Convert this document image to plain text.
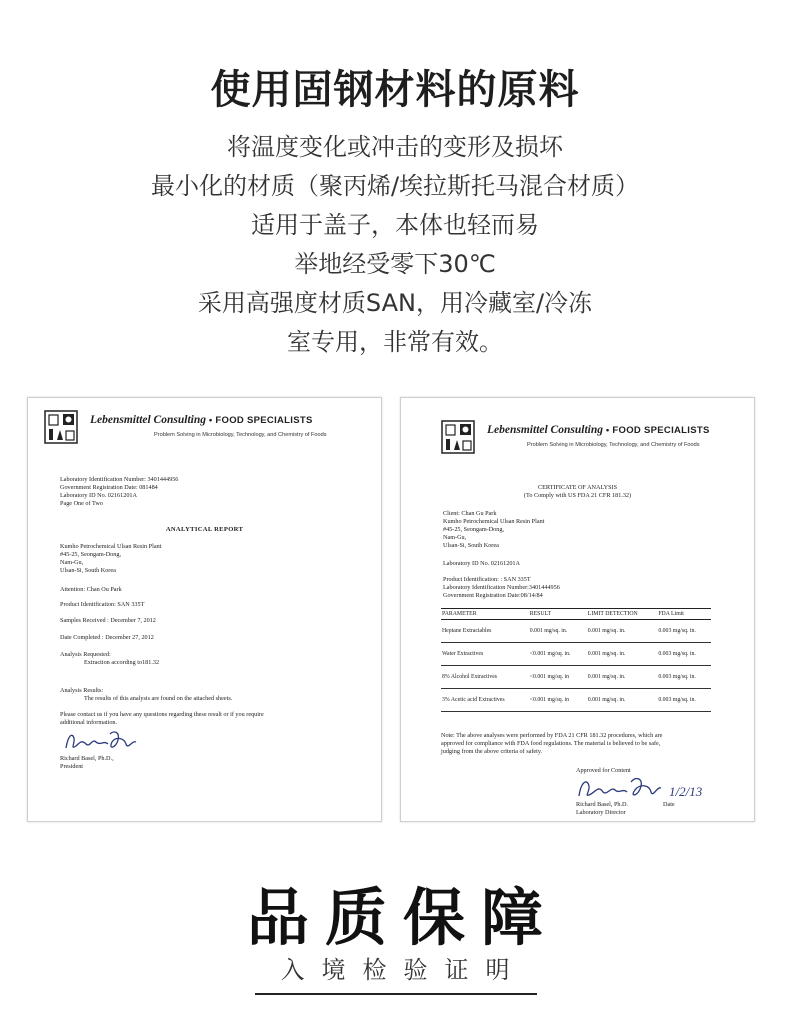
使用固钢材料的原料
将温度变化或冲击的变形及损坏
最小化的材质（聚丙烯/埃拉斯托马混合材质）
适用于盖子，本体也轻而易
举地经受零下30℃
采用高强度材质SAN，用冷藏室/冷冻
室专用，非常有效。
Lebensmittel Consulting • FOOD SPECIALISTS
Problem Solving in Microbiology, Technology, and Chemistry of Foods
Laboratory Identification Number: 3401444956
Government Registration Date: 081484
Laboratory ID No. 02161201A
Page One of Two
ANALYTICAL REPORT
Kumho Petrochemical Ulsan Resin Plant
#45-25, Seongam-Dong,
Nam-Gu,
Ulsan-Si, South Korea
Attention: Chan Ou Park
Product Identification: SAN 335T
Samples Received : December 7, 2012
Date Completed : December 27, 2012
Analysis Requested:
Extraction according to181.32
Analysis Results:
The results of this analysis are found on the attached sheets.
Please contact us if you have any questions regarding these result or if you require
additional information.
Richard Basel, Ph.D.,
President
Lebensmittel Consulting • FOOD SPECIALISTS
Problem Solving in Microbiology, Technology, and Chemistry of Foods
CERTIFICATE OF ANALYSIS
(To Comply with US FDA 21 CFR 181.32)
Client: Chan Gu Park
Kumho Petrochemical Ulsan Resin Plant
#45-25, Seongam-Dong,
Nam-Gu,
Ulsan-Si, South Korea
Laboratory ID No. 02161201A
Product Identification: : SAN 335T
Laboratory Identification Number:3401444956
Government Registration Date:08/14/84
PARAMETER	RESULT	LIMIT DETECTION	FDA Limit
Heptane Extractables	0.001 mg/sq. in.	0.001 mg/sq. in.	0.003 mg/sq. in.
Water Extractives	<0.001 mg/sq. in.	0.001 mg/sq. in.	0.003 mg/sq. in.
8% Alcohol Extractives	<0.001 mg/sq. in	0.001 mg/sq. in.	0.003 mg/sq. in.
3% Acetic acid Extractives	<0.001 mg/sq. in	0.001 mg/sq. in.	0.003 mg/sq. in.
Note: The above analyses were performed by FDA 21 CFR 181.32 procedures, which are
approved for compliance with FDA food regulations. The material is believed to be safe,
judging from the above criteria of safety.
Approved for Content
1/2/13
Richard Basel, Ph.D.
Laboratory Director
Date
品质保障
入境检验证明
